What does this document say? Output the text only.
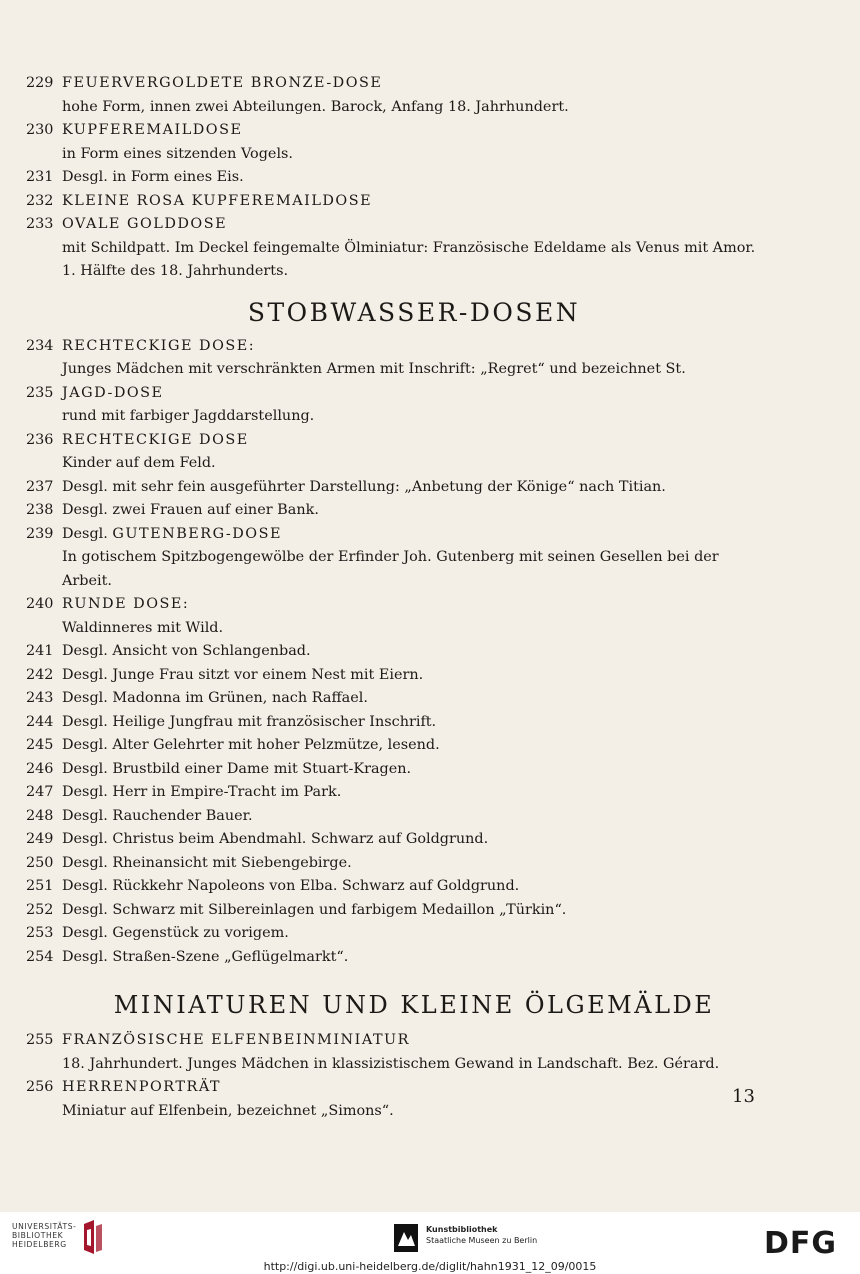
229 FEUERVERGOLDETE BRONZE-DOSE
hohe Form, innen zwei Abteilungen. Barock, Anfang 18. Jahrhundert.
230 KUPFEREMAILDOSE
in Form eines sitzenden Vogels.
231 Desgl. in Form eines Eis.
232 KLEINE ROSA KUPFEREMAILDOSE
233 OVALE GOLDDOSE
mit Schildpatt. Im Deckel feingemalte Ölminiatur: Französische Edeldame als Venus mit Amor.
1. Hälfte des 18. Jahrhunderts.
STOBWASSER-DOSEN
234 RECHTECKIGE DOSE:
Junges Mädchen mit verschränkten Armen mit Inschrift: „Regret“ und bezeichnet St.
235 JAGD-DOSE
rund mit farbiger Jagddarstellung.
236 RECHTECKIGE DOSE
Kinder auf dem Feld.
237 Desgl. mit sehr fein ausgeführter Darstellung: „Anbetung der Könige“ nach Titian.
238 Desgl. zwei Frauen auf einer Bank.
239 Desgl. GUTENBERG-DOSE
In gotischem Spitzbogengewölbe der Erfinder Joh. Gutenberg mit seinen Gesellen bei der Arbeit.
240 RUNDE DOSE:
Waldinneres mit Wild.
241 Desgl. Ansicht von Schlangenbad.
242 Desgl. Junge Frau sitzt vor einem Nest mit Eiern.
243 Desgl. Madonna im Grünen, nach Raffael.
244 Desgl. Heilige Jungfrau mit französischer Inschrift.
245 Desgl. Alter Gelehrter mit hoher Pelzmütze, lesend.
246 Desgl. Brustbild einer Dame mit Stuart-Kragen.
247 Desgl. Herr in Empire-Tracht im Park.
248 Desgl. Rauchender Bauer.
249 Desgl. Christus beim Abendmahl. Schwarz auf Goldgrund.
250 Desgl. Rheinansicht mit Siebengebirge.
251 Desgl. Rückkehr Napoleons von Elba. Schwarz auf Goldgrund.
252 Desgl. Schwarz mit Silbereinlagen und farbigem Medaillon „Türkin“.
253 Desgl. Gegenstück zu vorigem.
254 Desgl. Straßen-Szene „Geflügelmarkt“.
MINIATUREN UND KLEINE ÖLGEMÄLDE
255 FRANZÖSISCHE ELFENBEINMINIATUR
18. Jahrhundert. Junges Mädchen in klassizistischem Gewand in Landschaft. Bez. Gérard.
256 HERRENPORTRÄT
Miniatur auf Elfenbein, bezeichnet „Simons“.
13
UNIVERSITÄTS-
BIBLIOTHEK
HEIDELBERG
Kunstbibliothek
Staatliche Museen zu Berlin	DFG
http://digi.ub.uni-heidelberg.de/diglit/hahn1931_12_09/0015
